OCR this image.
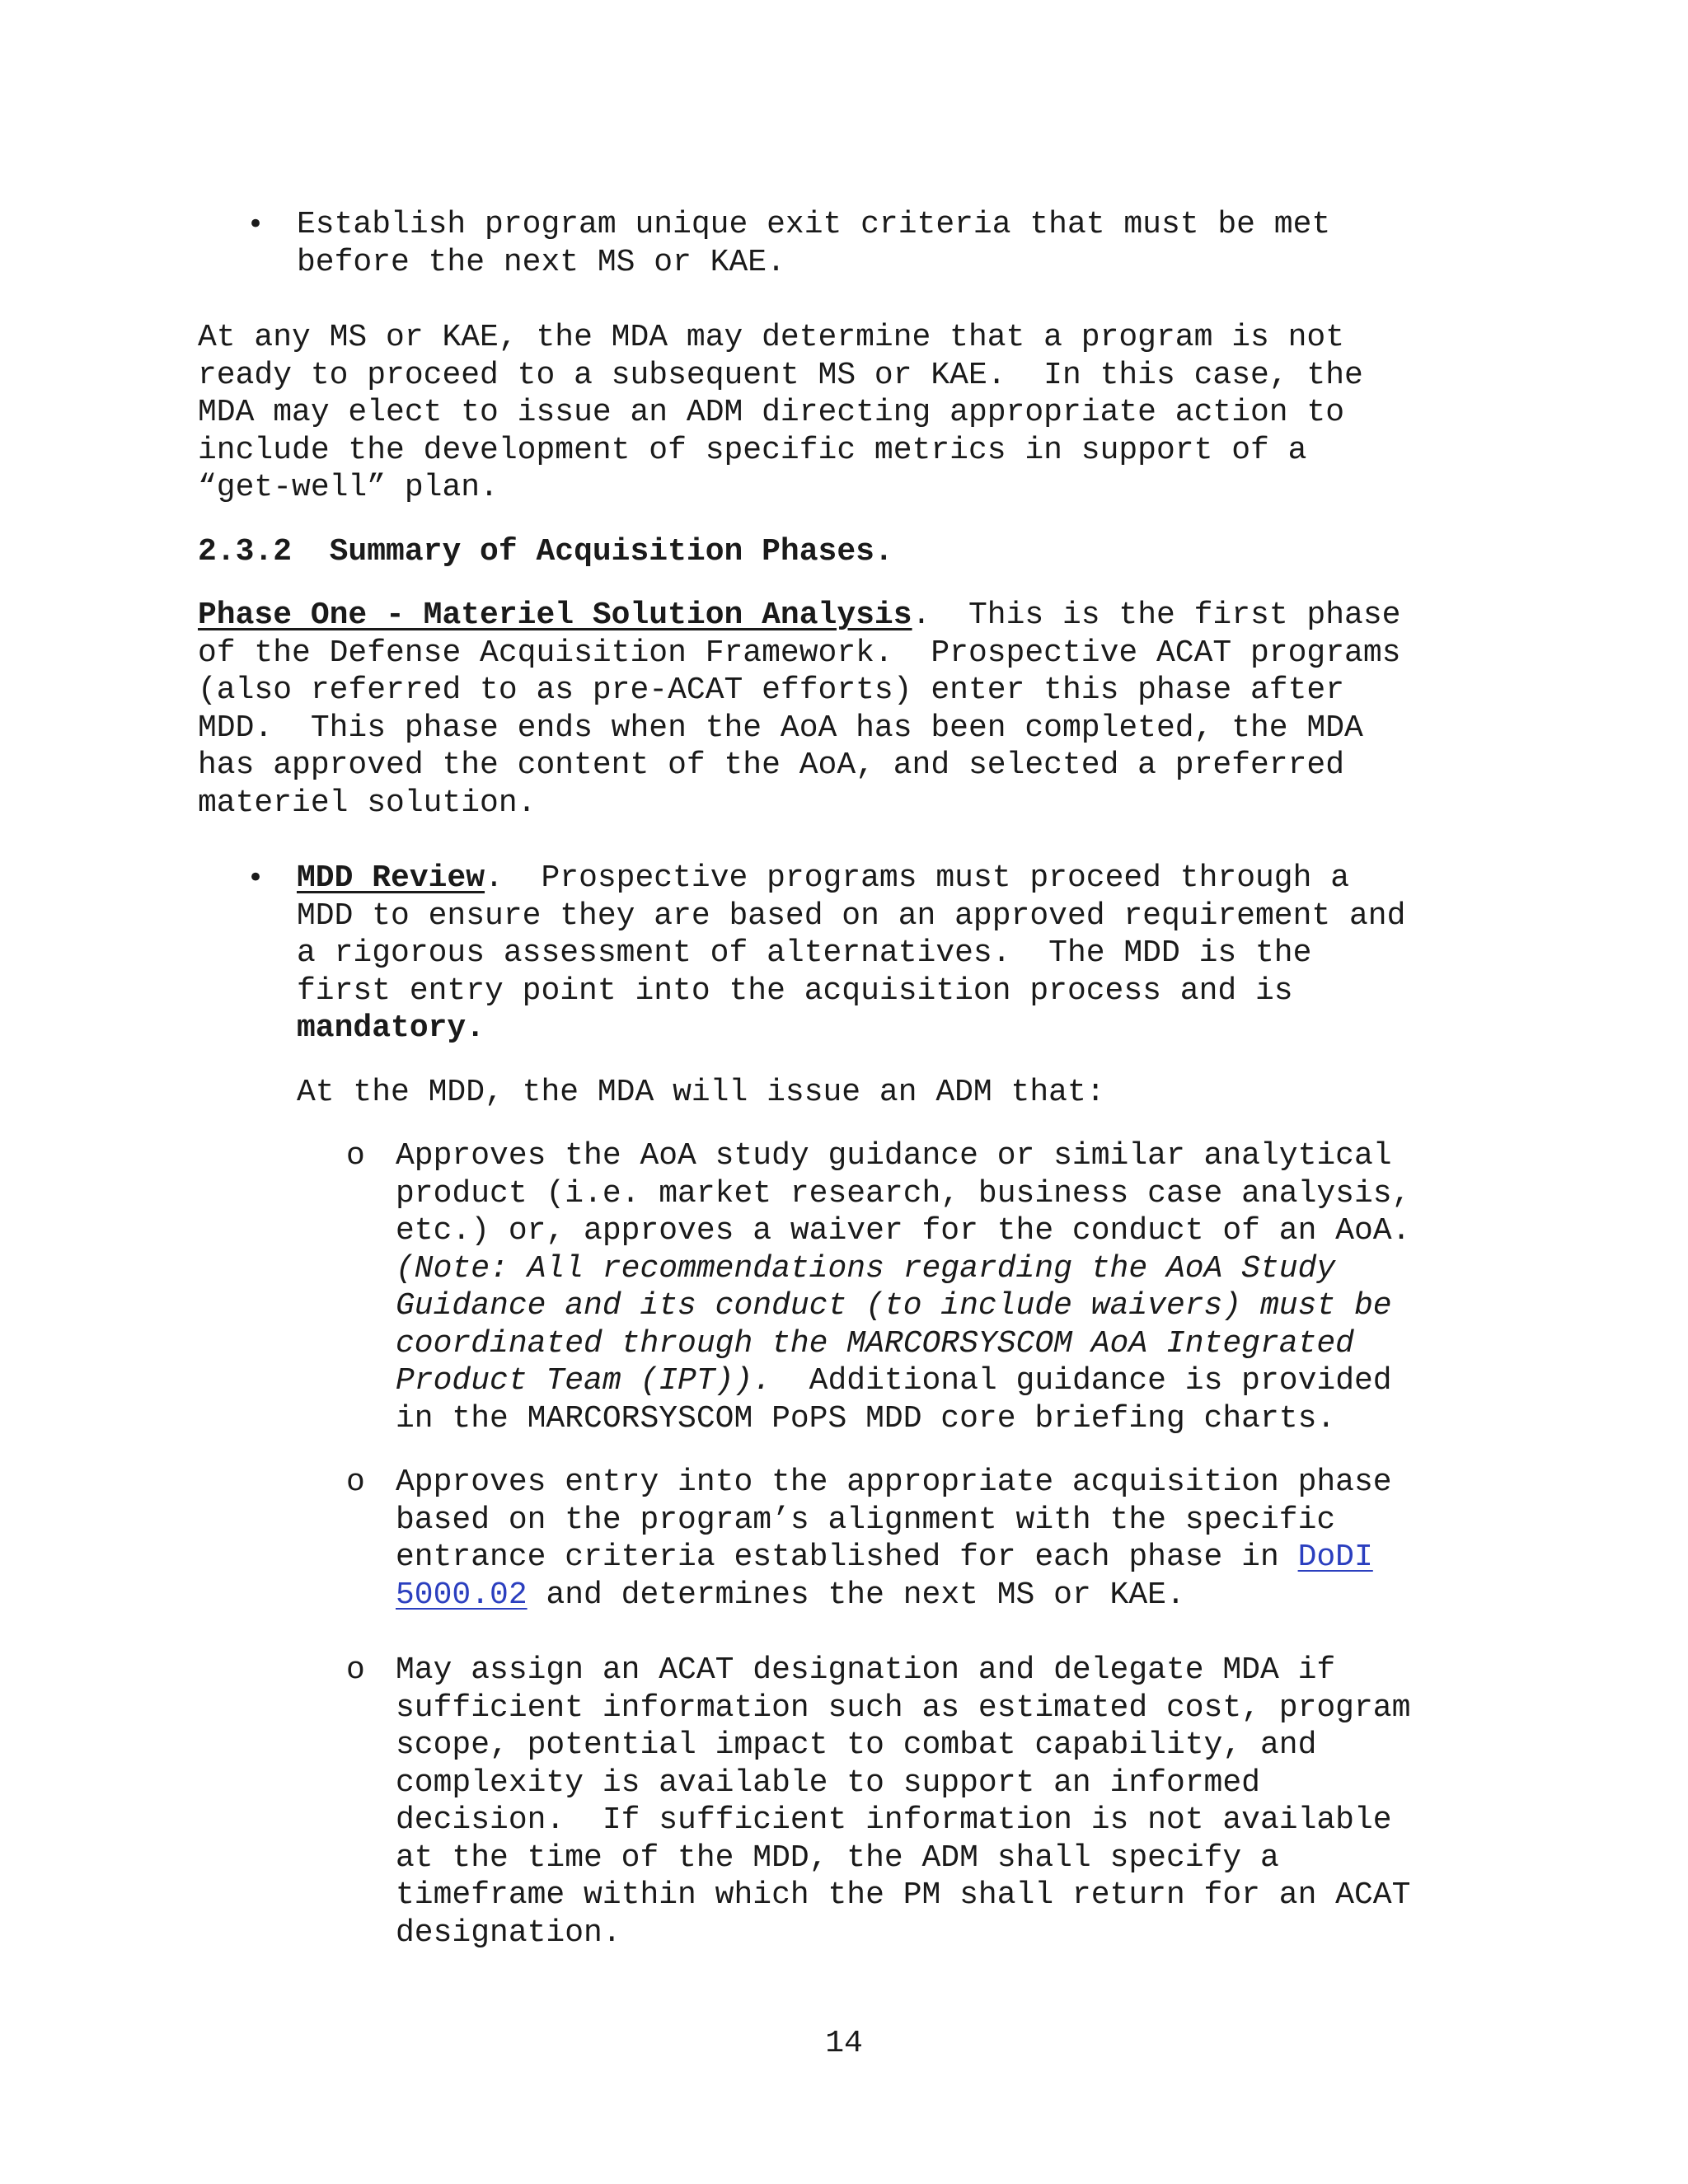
•	Establish program unique exit criteria that must be met
before the next MS or KAE.
At any MS or KAE, the MDA may determine that a program is not
ready to proceed to a subsequent MS or KAE.  In this case, the
MDA may elect to issue an ADM directing appropriate action to
include the development of specific metrics in support of a
“get-well” plan.
2.3.2  Summary of Acquisition Phases.
Phase One - Materiel Solution Analysis.  This is the first phase
of the Defense Acquisition Framework.  Prospective ACAT programs
(also referred to as pre-ACAT efforts) enter this phase after
MDD.  This phase ends when the AoA has been completed, the MDA
has approved the content of the AoA, and selected a preferred
materiel solution.
•	MDD Review.  Prospective programs must proceed through a
MDD to ensure they are based on an approved requirement and
a rigorous assessment of alternatives.  The MDD is the
first entry point into the acquisition process and is
mandatory.
At the MDD, the MDA will issue an ADM that:
o Approves the AoA study guidance or similar analytical
product (i.e. market research, business case analysis,
etc.) or, approves a waiver for the conduct of an AoA.
(Note: All recommendations regarding the AoA Study
Guidance and its conduct (to include waivers) must be
coordinated through the MARCORSYSCOM AoA Integrated
Product Team (IPT)).  Additional guidance is provided
in the MARCORSYSCOM PoPS MDD core briefing charts.
o Approves entry into the appropriate acquisition phase
based on the program’s alignment with the specific
entrance criteria established for each phase in DoDI
5000.02 and determines the next MS or KAE.
o May assign an ACAT designation and delegate MDA if
sufficient information such as estimated cost, program
scope, potential impact to combat capability, and
complexity is available to support an informed
decision.  If sufficient information is not available
at the time of the MDD, the ADM shall specify a
timeframe within which the PM shall return for an ACAT
designation.
14
